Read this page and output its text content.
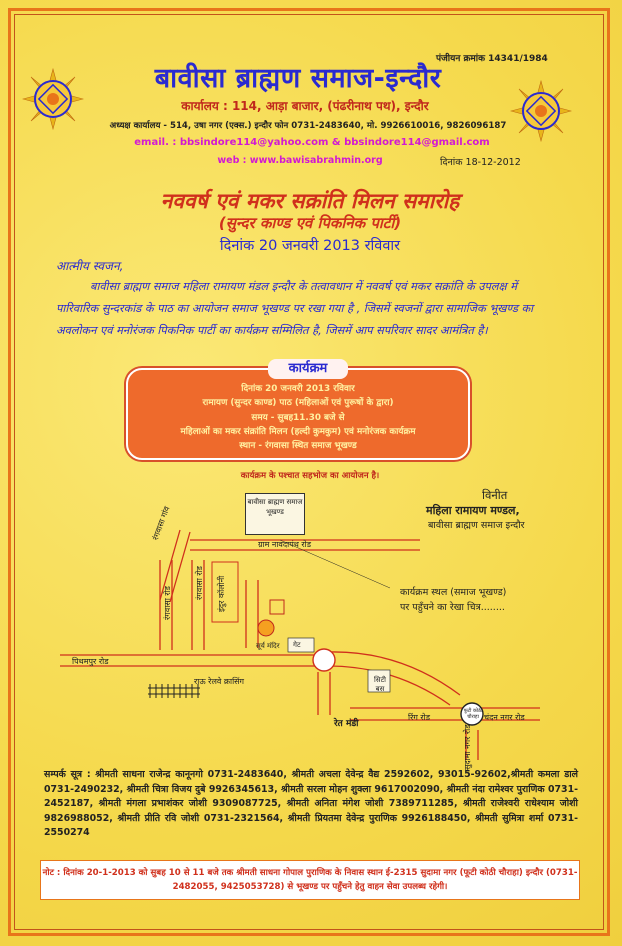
पंजीयन क्रमांक 14341/1984
बावीसा ब्राह्मण समाज-इन्दौर
कार्यालय : 114, आड़ा बाजार, (पंढरीनाथ पथ), इन्दौर
अध्यक्ष कार्यालय - 514, उषा नगर (एक्स.) इन्दौर फोन 0731-2483640, मो. 9926610016, 9826096187
email. : bbsindore114@yahoo.com & bbsindore114@gmail.com
web : www.bawisabrahmin.org	दिनांक 18-12-2012
नववर्ष एवं मकर सक्रांति मिलन समारोह
(सुन्दर काण्ड एवं पिकनिक पार्टी)
दिनांक 20 जनवरी 2013 रविवार
आत्मीय स्वजन,
बावीसा ब्राह्मण समाज महिला रामायण मंडल इन्दौर के तत्वावधान में नववर्ष एवं मकर सक्रांति के उपलक्ष में पारिवारिक सुन्दरकांड के पाठ का आयोजन समाज भूखण्ड पर रखा गया है , जिसमें स्वजनों द्वारा सामाजिक भूखण्ड का अवलोकन एवं मनोरंजक पिकनिक पार्टी का कार्यक्रम सम्मिलित है, जिसमें आप सपरिवार सादर आमंत्रित है।
दिनांक 20 जनवरी 2013 रविवार
रामायण (सुन्दर काण्ड) पाठ (महिलाओं एवं पुरूषों के द्वारा)
समय - सुबह11.30 बजे से
महिलाओं का मकर संक्रांति मिलन (हल्दी कुमकुम) एवं मनोरंजक कार्यक्रम
स्थान - रंगवासा स्थित समाज भूखण्ड
कार्यक्रम
कार्यक्रम के पश्चात सहभोज का आयोजन है।
विनीत
महिला रामायण मण्डल,
बावीसा ब्राह्मण समाज इन्दौर
बावीसा ब्राह्मण समाज भूखण्ड
ग्राम नावदापंथ रोड
रंगवासा गांव
रंगवासा रोड
रंगवासा रोड इंदुर कॉलोनी
सूर्य मंदिर गेट
पिथमपुर रोड
राऊ रेलवे क्रासिंग	सिटी बस
रेत मंडी
रिंग रोड	चंदन नगर रोड
फूटी कोठी चौराहा
सुदामा नगर रोड
कार्यक्रम स्थल (समाज भूखण्ड)
पर पहुँचने का रेखा चित्र........
सम्पर्क सूत्र : श्रीमती साधना राजेन्द्र कानूनगो 0731-2483640, श्रीमती अचला देवेन्द्र वैद्य 2592602, 93015-92602,श्रीमती कमला डाले 0731-2490232, श्रीमती चित्रा विजय दुबे 9926345613, श्रीमती सरला मोहन शुक्ला 9617002090, श्रीमती नंदा रामेश्वर पुराणिक 0731-2452187, श्रीमती मंगला प्रभाशंकर जोशी 9309087725, श्रीमती अनिता मंगेश जोशी 7389711285, श्रीमती राजेश्वरी राधेश्याम जोशी 9826988052, श्रीमती प्रीति रवि जोशी 0731-2321564, श्रीमती प्रियतमा देवेन्द्र पुराणिक 9926188450, श्रीमती सुमित्रा शर्मा 0731-2550274
नोट : दिनांक 20-1-2013 को सुबह 10 से 11 बजे तक श्रीमती साधना गोपाल पुराणिक के निवास स्थान ई-2315 सुदामा नगर (फूटी कोठी चौराहा) इन्दौर (0731-2482055, 9425053728) से भूखण्ड पर पहुँचने हेतु वाहन सेवा उपलब्ध रहेगी।
